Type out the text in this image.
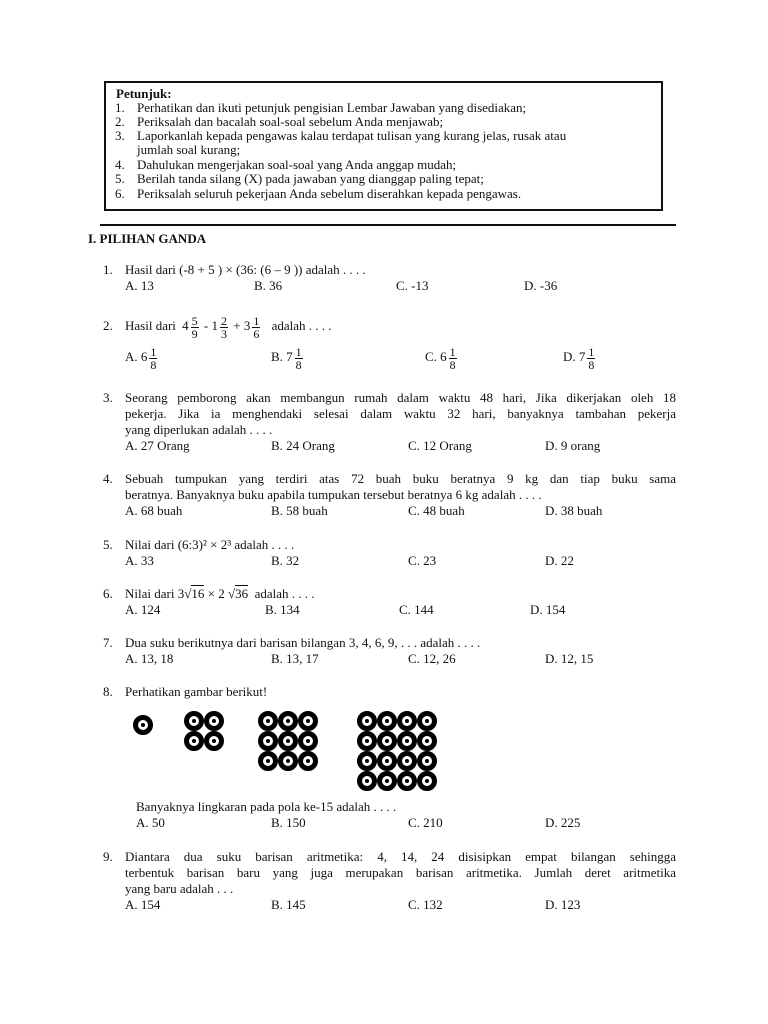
Petunjuk:
1. Perhatikan dan ikuti petunjuk pengisian Lembar Jawaban yang disediakan;
2. Periksalah dan bacalah soal-soal sebelum Anda menjawab;
3. Laporkanlah kepada pengawas kalau terdapat tulisan yang kurang jelas, rusak atau
jumlah soal kurang;
4. Dahulukan mengerjakan soal-soal yang Anda anggap mudah;
5. Berilah tanda silang (X) pada jawaban yang dianggap paling tepat;
6. Periksalah seluruh pekerjaan Anda sebelum diserahkan kepada pengawas.
I. PILIHAN GANDA
1. Hasil dari (-8 + 5 ) × (36: (6 – 9 )) adalah . . . .
A. 13	B. 36	C. -13	D. -36
2. Hasil dari $4 \frac{5}{9} - 1 \frac{2}{3} + 3 \frac{1}{6}$ adalah . . . .
A. $6 \frac{1}{8}$	B. $7 \frac{1}{8}$	C. $6 \frac{1}{8}$	D. $7 \frac{1}{8}$
3. Seorang pemborong akan membangun rumah dalam waktu 48 hari, Jika dikerjakan oleh 18
pekerja. Jika ia menghendaki selesai dalam waktu 32 hari, banyaknya tambahan pekerja
yang diperlukan adalah . . . .
A. 27 Orang	B. 24 Orang	C. 12 Orang	D. 9 orang
4. Sebuah tumpukan yang terdiri atas 72 buah buku beratnya 9 kg dan tiap buku sama
beratnya. Banyaknya buku apabila tumpukan tersebut beratnya 6 kg adalah . . . .
A. 68 buah	B. 58 buah	C. 48 buah	D. 38 buah
5. Nilai dari (6:3)² × 2³ adalah . . . .
A. 33	B. 32	C. 23	D. 22
6. Nilai dari 3√16 × 2 √36  adalah . . . .
A. 124	B. 134	C. 144	D. 154
7. Dua suku berikutnya dari barisan bilangan 3, 4, 6, 9, . . . adalah . . . .
A. 13, 18	B. 13, 17	C. 12, 26	D. 12, 15
8. Perhatikan gambar berikut!
Banyaknya lingkaran pada pola ke-15 adalah . . . .
A. 50	B. 150	C. 210	D. 225
9. Diantara dua suku barisan aritmetika: 4, 14, 24 disisipkan empat bilangan sehingga
terbentuk barisan baru yang juga merupakan barisan aritmetika. Jumlah deret aritmetika
yang baru adalah . . .
A. 154	B. 145	C. 132	D. 123
